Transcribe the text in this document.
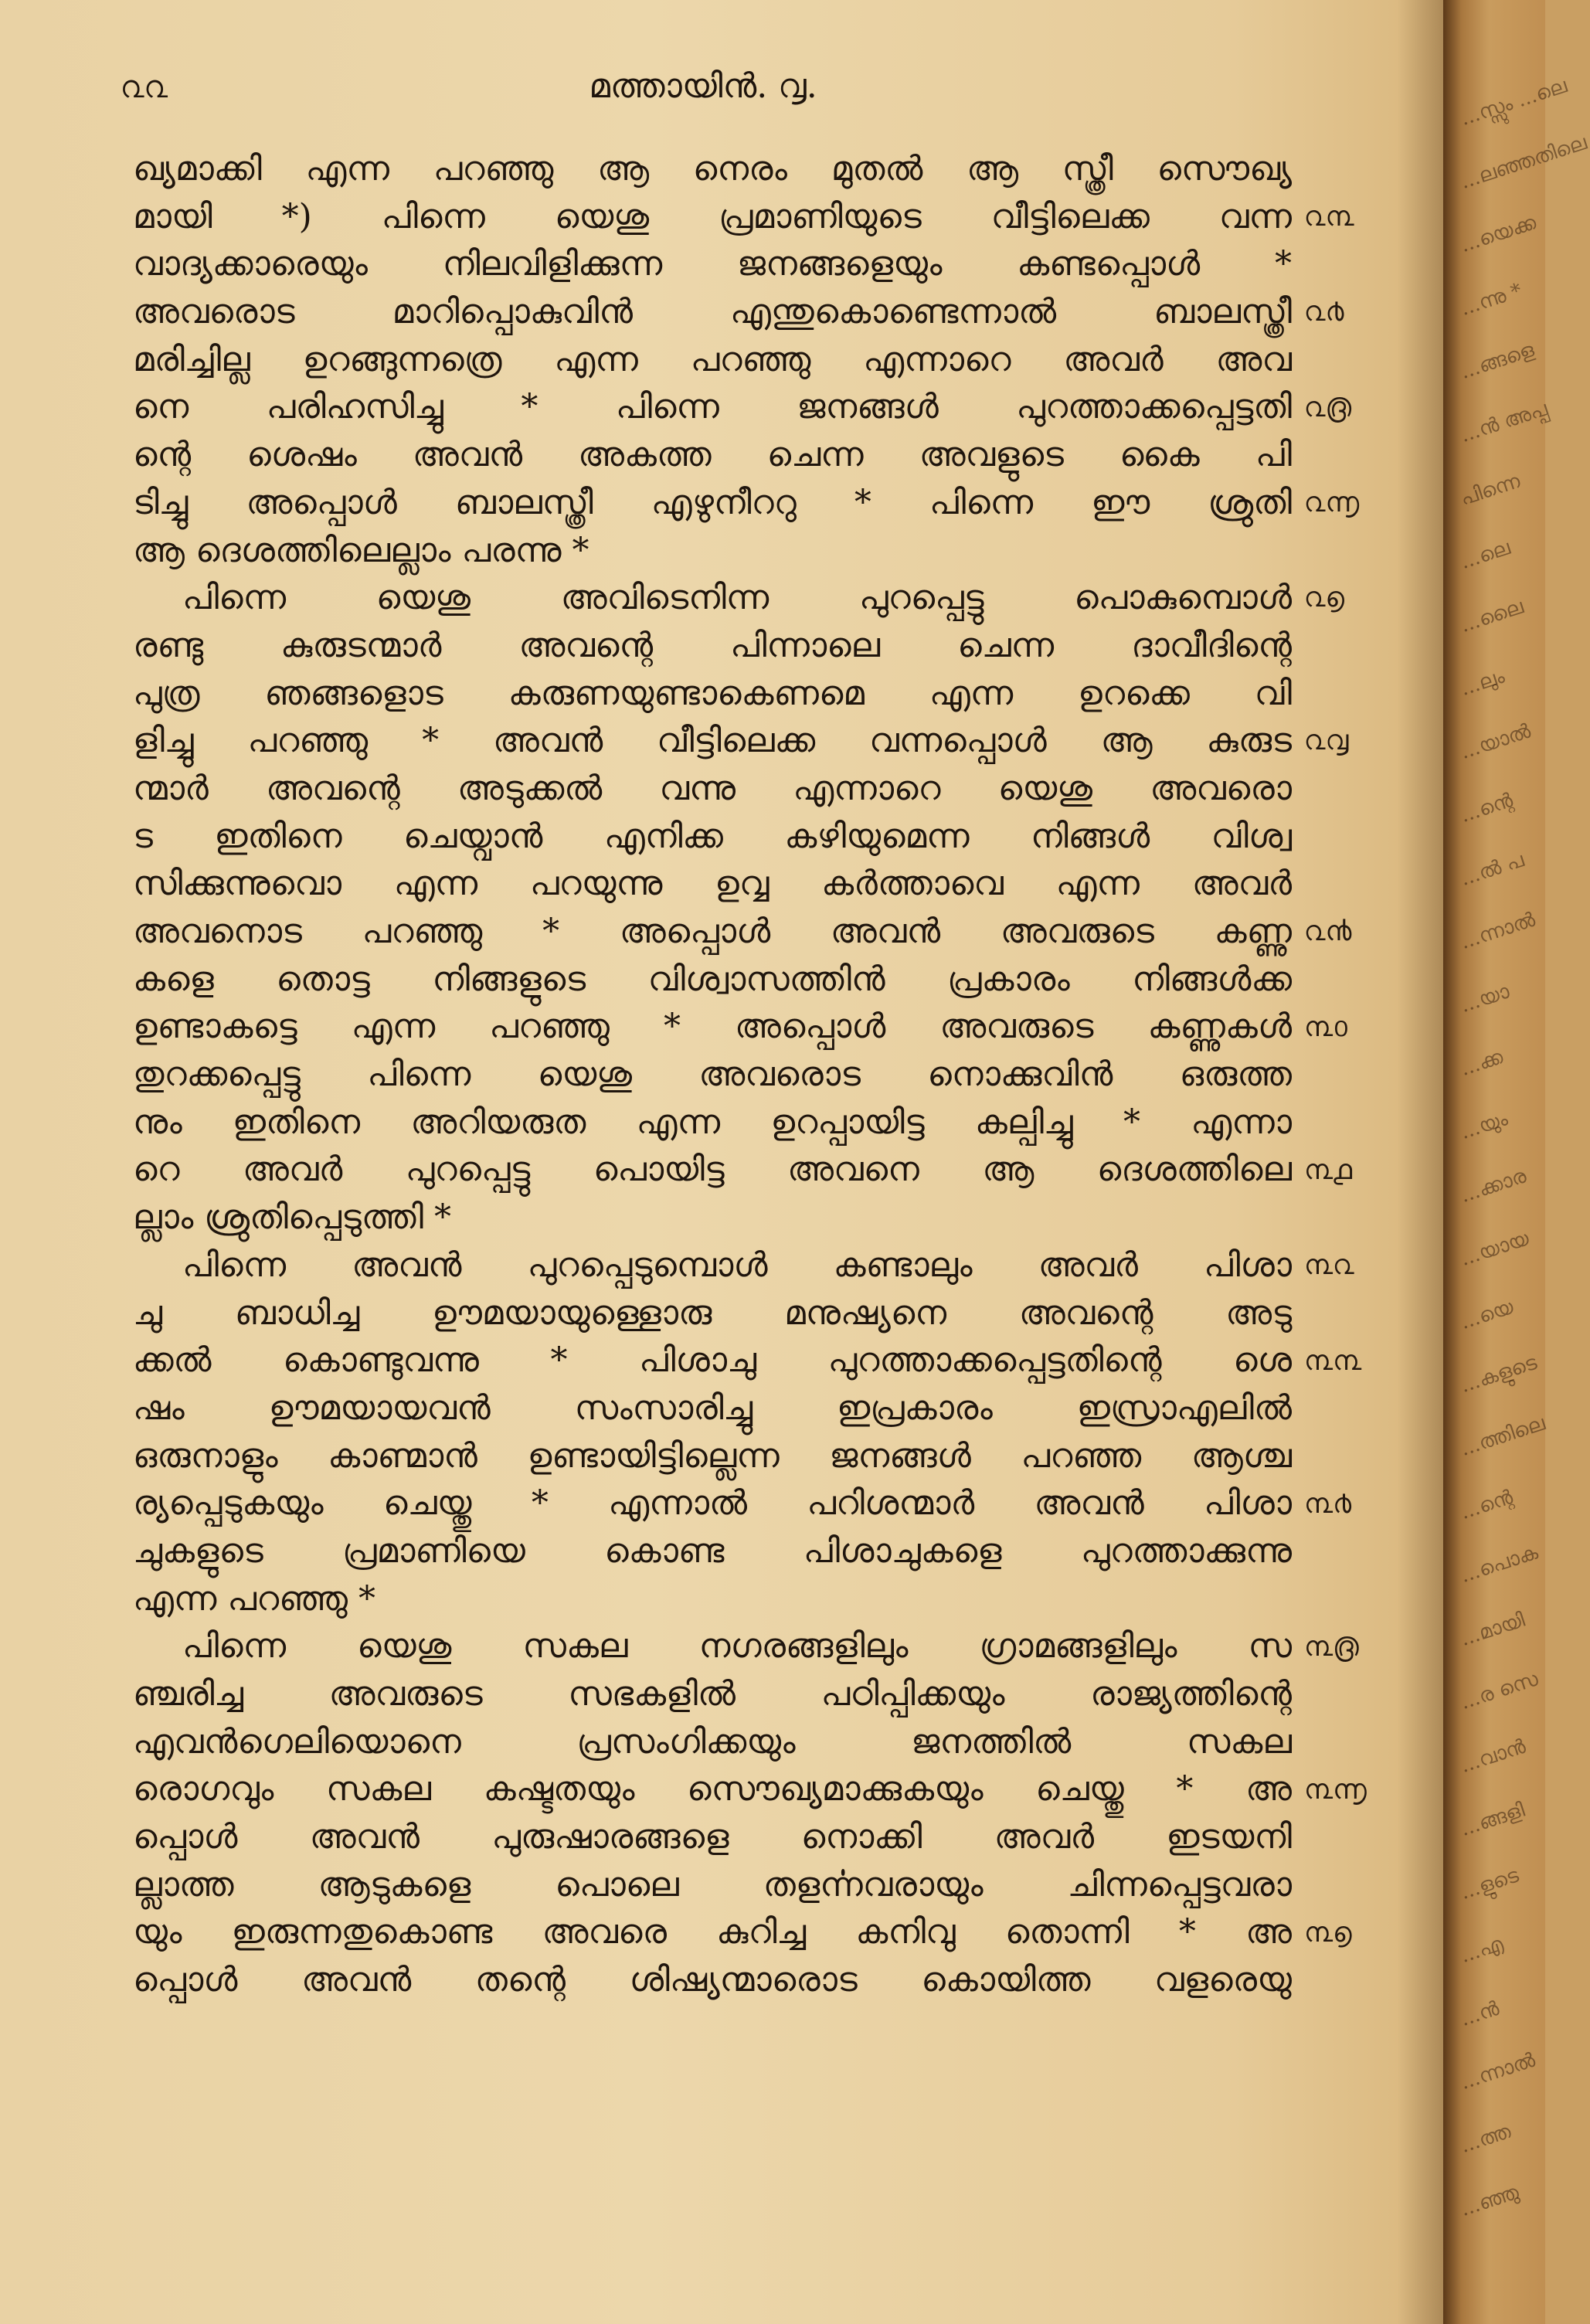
൨൨	മത്തായിൻ. ൮.
ഖ്യമാക്കി എന്ന പറഞ്ഞു ആ നെരം മുതൽ ആ സ്ത്രീ സൌഖ്യ
മായി *) പിന്നെ യെശു പ്രമാണിയുടെ വീട്ടിലെക്ക വന്ന
വാദ്യക്കാരെയും നിലവിളിക്കുന്ന ജനങ്ങളെയും കണ്ടപ്പൊൾ *
അവരൊട മാറിപ്പൊകുവിൻ എന്തുകൊണ്ടെന്നാൽ ബാലസ്ത്രീ
മരിച്ചില്ല ഉറങ്ങുന്നത്രെ എന്ന പറഞ്ഞു എന്നാറെ അവർ അവ
നെ പരിഹസിച്ചു * പിന്നെ ജനങ്ങൾ പുറത്താക്കപ്പെട്ടതി
ന്റെ ശെഷം അവൻ അകത്ത ചെന്ന അവളുടെ കൈ പി
ടിച്ചു അപ്പൊൾ ബാലസ്ത്രീ എഴുനീററു * പിന്നെ ഈ ശ്രുതി
ആ ദെശത്തിലെല്ലാം പരന്നു *
പിന്നെ യെശു അവിടെനിന്ന പുറപ്പെട്ടു പൊകുമ്പൊൾ
രണ്ടു കുരുടന്മാർ അവന്റെ പിന്നാലെ ചെന്ന ദാവീദിന്റെ
പുത്ര ഞങ്ങളൊട കരുണയുണ്ടാകെണമെ എന്ന ഉറക്കെ വി
ളിച്ചു പറഞ്ഞു * അവൻ വീട്ടിലെക്ക വന്നപ്പൊൾ ആ കുരുട
ന്മാർ അവന്റെ അടുക്കൽ വന്നു എന്നാറെ യെശു അവരൊ
ട ഇതിനെ ചെയ്വാൻ എനിക്ക കഴിയുമെന്ന നിങ്ങൾ വിശ്വ
സിക്കുന്നുവൊ എന്ന പറയുന്നു ഉവ്വ കർത്താവെ എന്ന അവർ
അവനൊട പറഞ്ഞു * അപ്പൊൾ അവൻ അവരുടെ കണ്ണു
കളെ തൊട്ട നിങ്ങളുടെ വിശ്വാസത്തിൻ പ്രകാരം നിങ്ങൾക്ക
ഉണ്ടാകട്ടെ എന്ന പറഞ്ഞു * അപ്പൊൾ അവരുടെ കണ്ണുകൾ
തുറക്കപ്പെട്ടു പിന്നെ യെശു അവരൊട നൊക്കുവിൻ ഒരുത്ത
നും ഇതിനെ അറിയരുത എന്ന ഉറപ്പായിട്ട കല്പിച്ചു * എന്നാ
റെ അവർ പുറപ്പെട്ടു പൊയിട്ട അവനെ ആ ദെശത്തിലെ
ല്ലാം ശ്രുതിപ്പെടുത്തി *
പിന്നെ അവൻ പുറപ്പെടുമ്പൊൾ കണ്ടാലും അവർ പിശാ
ചു ബാധിച്ച ഊമയായുള്ളൊരു മനുഷ്യനെ അവന്റെ അടു
ക്കൽ കൊണ്ടുവന്നു * പിശാചു പുറത്താക്കപ്പെട്ടതിന്റെ ശെ
ഷം ഊമയായവൻ സംസാരിച്ചു ഇപ്രകാരം ഇസ്രാഎലിൽ
ഒരുനാളും കാണ്മാൻ ഉണ്ടായിട്ടില്ലെന്ന ജനങ്ങൾ പറഞ്ഞ ആശ്ച
ര്യപ്പെടുകയും ചെയ്തു * എന്നാൽ പറിശന്മാർ അവൻ പിശാ
ചുകളുടെ പ്രമാണിയെ കൊണ്ട പിശാചുകളെ പുറത്താക്കുന്നു
എന്ന പറഞ്ഞു *
പിന്നെ യെശു സകല നഗരങ്ങളിലും ഗ്രാമങ്ങളിലും സ
ഞ്ചരിച്ച അവരുടെ സഭകളിൽ പഠിപ്പിക്കയും രാജ്യത്തിന്റെ
എവൻഗെലിയൊനെ പ്രസംഗിക്കയും ജനത്തിൽ സകല
രൊഗവും സകല കഷ്ടതയും സൌഖ്യമാക്കുകയും ചെയ്തു * അ
പ്പൊൾ അവൻ പുരുഷാരങ്ങളെ നൊക്കി അവർ ഇടയനി
ല്ലാത്ത ആടുകളെ പൊലെ തളൎന്നവരായും ചിന്നപ്പെട്ടവരാ
യും ഇരുന്നതുകൊണ്ട അവരെ കുറിച്ച കനിവു തൊന്നി * അ
പ്പൊൾ അവൻ തന്റെ ശിഷ്യന്മാരൊട കൊയിത്ത വളരെയു
൨൩
൨൪
൨൫
൨൬
൨൭
൨൮
൨൯
൩൦
൩൧
൩൨
൩൩
൩൪
൩൫
൩൬
൩൭
...സ്സും ...ലെ
...ലഞ്ഞതിലെ
...യെക്ക
...ന്നു *
...ങ്ങളെ
...ൻ അപ്പ
പിന്നെ
...ലെ
...ലൈ
...ലും
...യാൽ
...ന്റെ
...ൽ പ
...ന്നാൽ
...യാ
...ക്ക
...യും
...ക്കാര
...യായ
...യെ
...കളുടെ
...ത്തിലെ
...ന്റെ
...പൊക
...മായി
...ര സെ
...വാൻ
...ങ്ങളി
...ളുടെ
...എ
...ൻ
...ന്നാൽ
...ത്ത
...ഞ്ഞു
